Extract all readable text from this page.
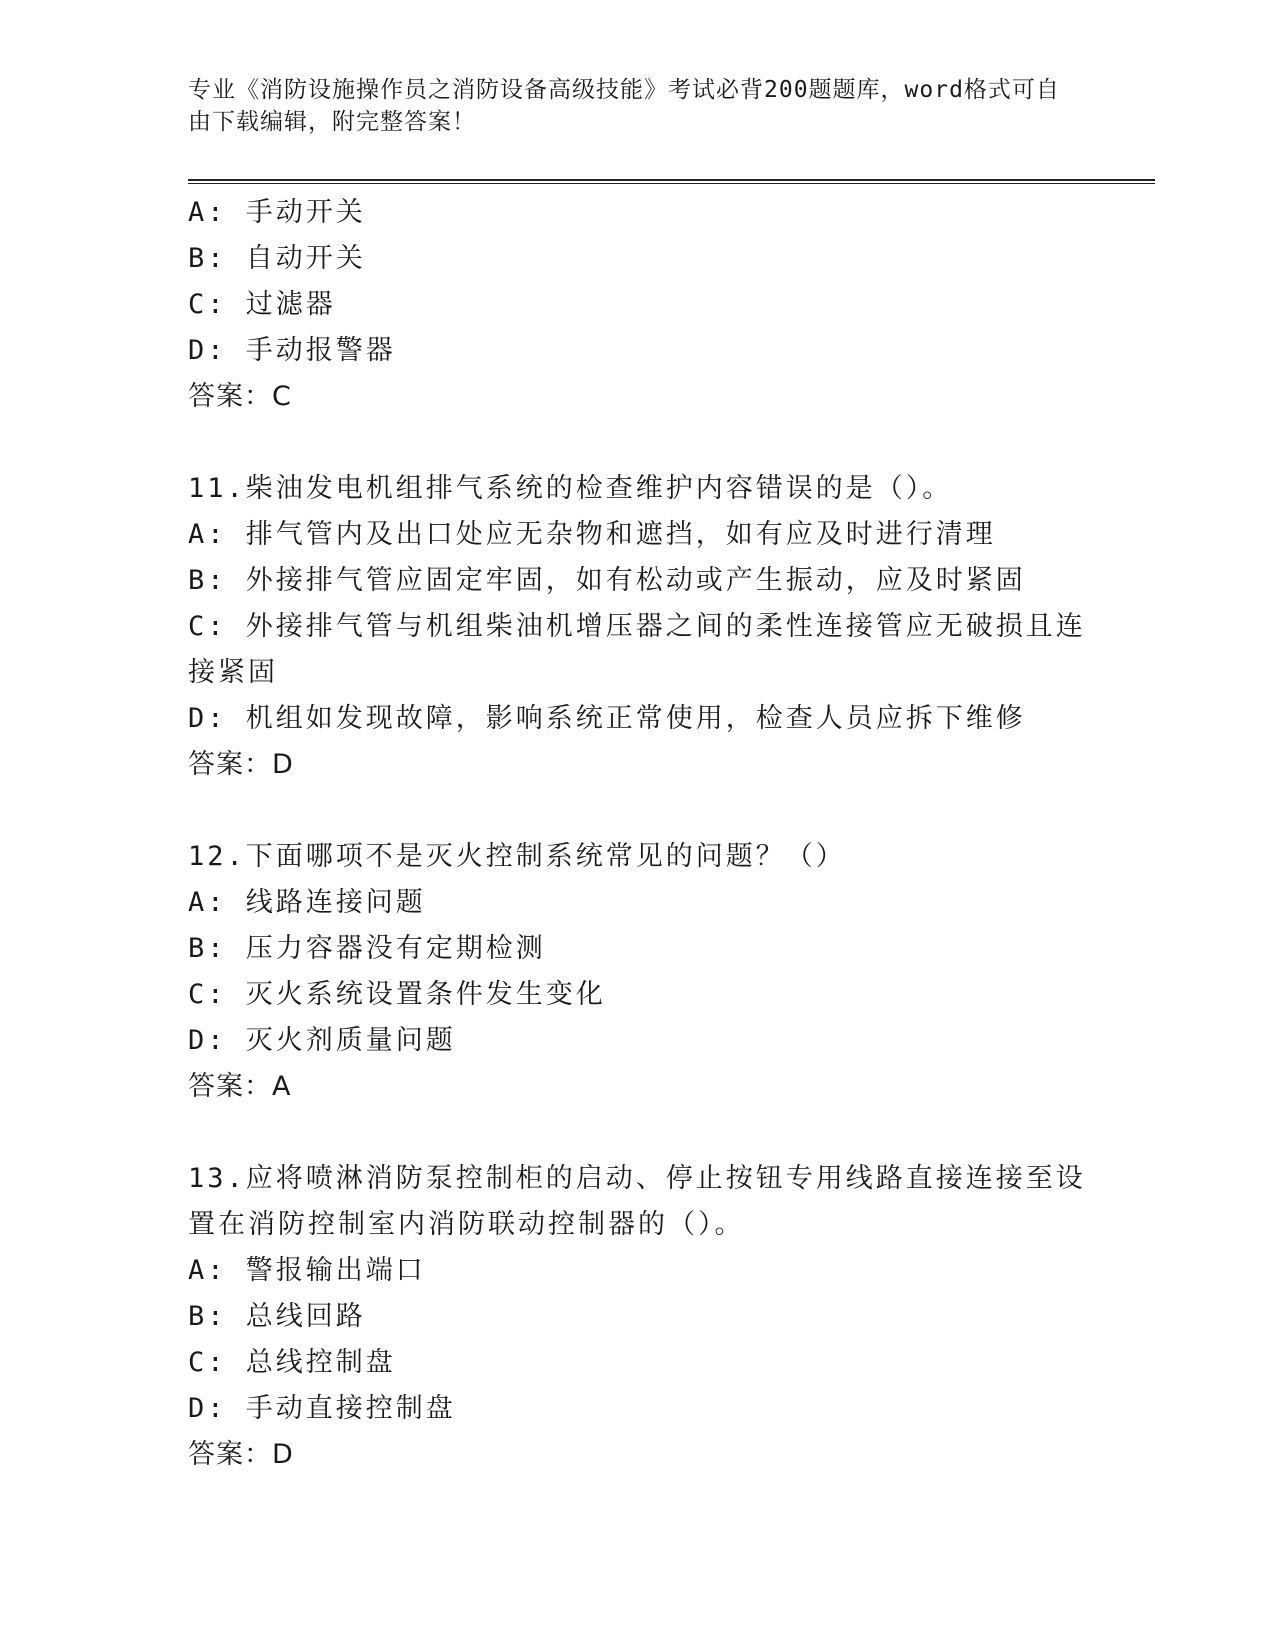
专业《消防设施操作员之消防设备高级技能》考试必背200题题库，word格式可自由下载编辑，附完整答案！

A: 手动开关

B: 自动开关

C: 过滤器

D: 手动报警器

答案：C

11.柴油发电机组排气系统的检查维护内容错误的是（）。

A: 排气管内及出口处应无杂物和遮挡，如有应及时进行清理

B: 外接排气管应固定牢固，如有松动或产生振动，应及时紧固

C: 外接排气管与机组柴油机增压器之间的柔性连接管应无破损且连接紧固

D: 机组如发现故障，影响系统正常使用，检查人员应拆下维修

答案：D

12.下面哪项不是灭火控制系统常见的问题？（）

A: 线路连接问题

B: 压力容器没有定期检测

C: 灭火系统设置条件发生变化

D: 灭火剂质量问题

答案：A

13.应将喷淋消防泵控制柜的启动、停止按钮专用线路直接连接至设置在消防控制室内消防联动控制器的（）。

A: 警报输出端口

B: 总线回路

C: 总线控制盘

D: 手动直接控制盘

答案：D
